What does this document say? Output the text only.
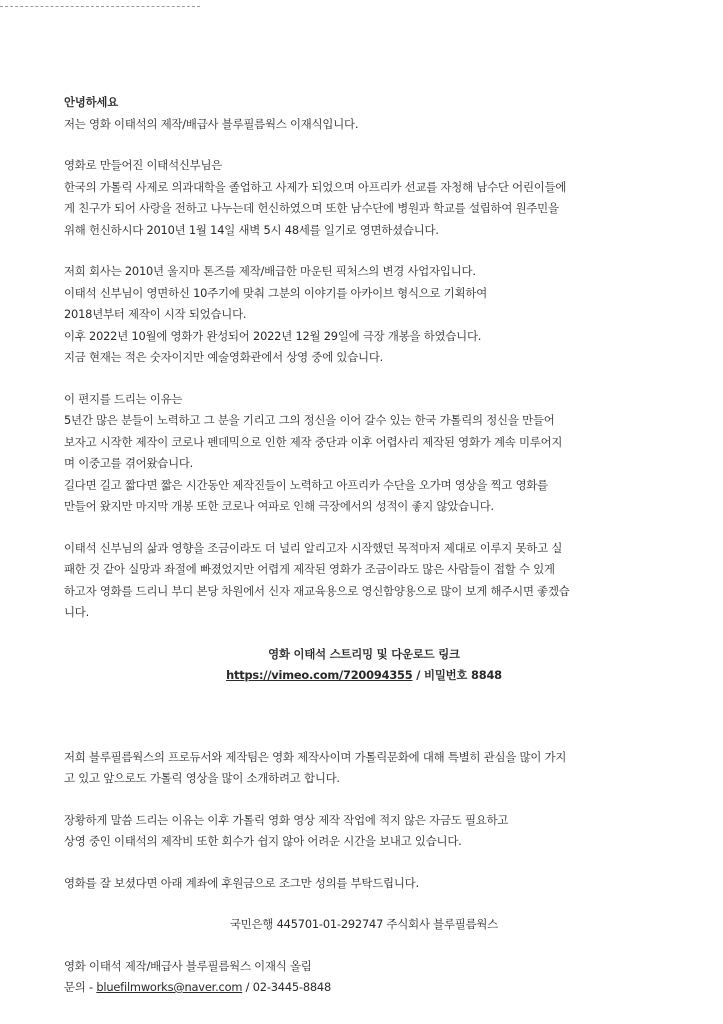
안녕하세요

저는 영화 이태석의 제작/배급사 블루필름웍스 이재식입니다.

영화로 만들어진 이태석신부님은

한국의 가톨릭 사제로 의과대학을 졸업하고 사제가 되었으며 아프리카 선교를 자청해 남수단 어린이들에

게 친구가 되어 사랑을 전하고 나누는데 헌신하였으며 또한 남수단에 병원과 학교를 설립하여 원주민을

위해 헌신하시다 2010년 1월 14일 새벽 5시 48세를 일기로 영면하셨습니다.

저희 회사는 2010년 울지마 톤즈를 제작/배급한 마운틴 픽처스의 변경 사업자입니다.

이태석 신부님이 영면하신 10주기에 맞춰 그분의 이야기를 아카이브 형식으로 기획하여

2018년부터 제작이 시작 되었습니다.

이후 2022년 10월에 영화가 완성되어 2022년 12월 29일에 극장 개봉을 하였습니다.

지금 현재는 적은 숫자이지만 예술영화관에서 상영 중에 있습니다.

이 편지를 드리는 이유는

5년간 많은 분들이 노력하고 그 분을 기리고 그의 정신을 이어 갈수 있는 한국 가톨릭의 정신을 만들어

보자고 시작한 제작이 코로나 펜데믹으로 인한 제작 중단과 이후 어렵사리 제작된 영화가 계속 미루어지

며 이중고를 겪어왔습니다.

길다면 길고 짧다면 짧은 시간동안 제작진들이 노력하고 아프리카 수단을 오가며 영상을 찍고 영화를

만들어 왔지만 마지막 개봉 또한 코로나 여파로 인해 극장에서의 성적이 좋지 않았습니다.

이태석 신부님의 삶과 영향을 조금이라도 더 널리 알리고자 시작했던 목적마저 제대로 이루지 못하고 실

패한 것 같아 실망과 좌절에 빠졌었지만 어렵게 제작된 영화가 조금이라도 많은 사람들이 접할 수 있게

하고자 영화를 드리니 부디 본당 차원에서 신자 재교육용으로 영신함양용으로 많이 보게 해주시면 좋겠습

니다.

영화 이태석 스트리밍 및 다운로드 링크

https://vimeo.com/720094355 / 비밀번호 8848

저희 블루필름웍스의 프로듀서와 제작팀은 영화 제작사이며 가톨릭문화에 대해 특별히 관심을 많이 가지

고 있고 앞으로도 가톨릭 영상을 많이 소개하려고 합니다.

장황하게 말씀 드리는 이유는 이후 가톨릭 영화 영상 제작 작업에 적지 않은 자금도 필요하고

상영 중인 이태석의 제작비 또한 회수가 쉽지 않아 어려운 시간을 보내고 있습니다.

영화를 잘 보셨다면 아래 계좌에 후원금으로 조그만 성의를 부탁드립니다.

국민은행 445701-01-292747 주식회사 블루필름웍스

영화 이태석 제작/배급사 블루필름웍스 이재식 올림

문의 - bluefilmworks@naver.com / 02-3445-8848
